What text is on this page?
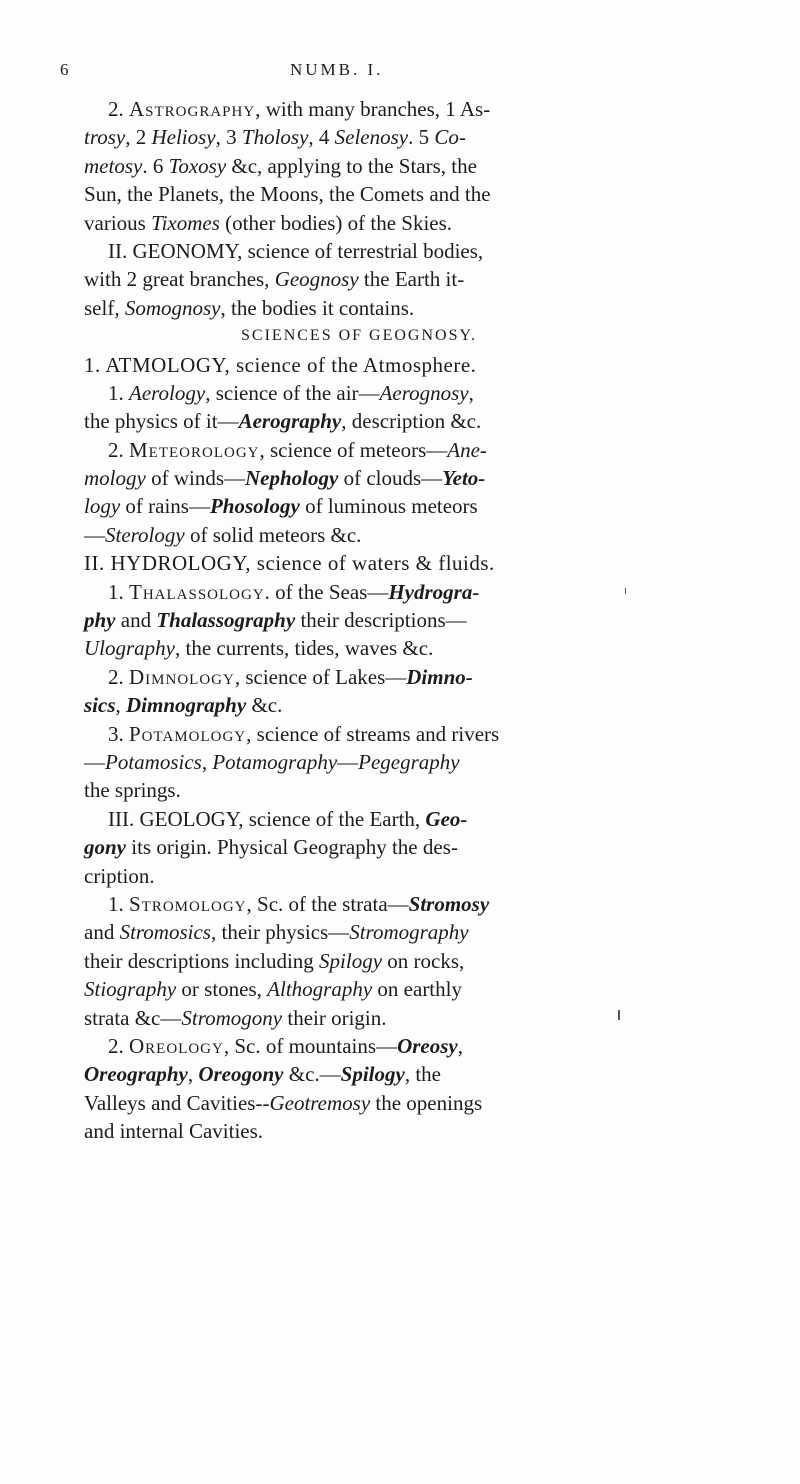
6	NUMB. I.
2. Astrography, with many branches, 1 As-
trosy, 2 Heliosy, 3 Tholosy, 4 Selenosy. 5 Co-
metosy. 6 Toxosy &c, applying to the Stars, the
Sun, the Planets, the Moons, the Comets and the
various Tixomes (other bodies) of the Skies.
II. GEONOMY, science of terrestrial bodies,
with 2 great branches, Geognosy the Earth it-
self, Somognosy, the bodies it contains.
SCIENCES OF GEOGNOSY.
1. ATMOLOGY, science of the Atmosphere.
1. Aerology, science of the air—Aerognosy,
the physics of it—Aerography, description &c.
2. Meteorology, science of meteors—Ane-
mology of winds—Nephology of clouds—Yeto-
logy of rains—Phosology of luminous meteors
—Sterology of solid meteors &c.
II. HYDROLOGY, science of waters & fluids.
1. Thalassology. of the Seas—Hydrogra-
phy and Thalassography their descriptions—
Ulography, the currents, tides, waves &c.
2. Dimnology, science of Lakes—Dimno-
sics, Dimnography &c.
3. Potamology, science of streams and rivers
—Potamosics, Potamography—Pegegraphy
the springs.
III. GEOLOGY, science of the Earth, Geo-
gony its origin. Physical Geography the des-
cription.
1. Stromology, Sc. of the strata—Stromosy
and Stromosics, their physics—Stromography
their descriptions including Spilogy on rocks,
Stiography or stones, Althography on earthly
strata &c—Stromogony their origin.
2. Oreology, Sc. of mountains—Oreosy,
Oreography, Oreogony &c.—Spilogy, the
Valleys and Cavities--Geotremosy the openings
and internal Cavities.
